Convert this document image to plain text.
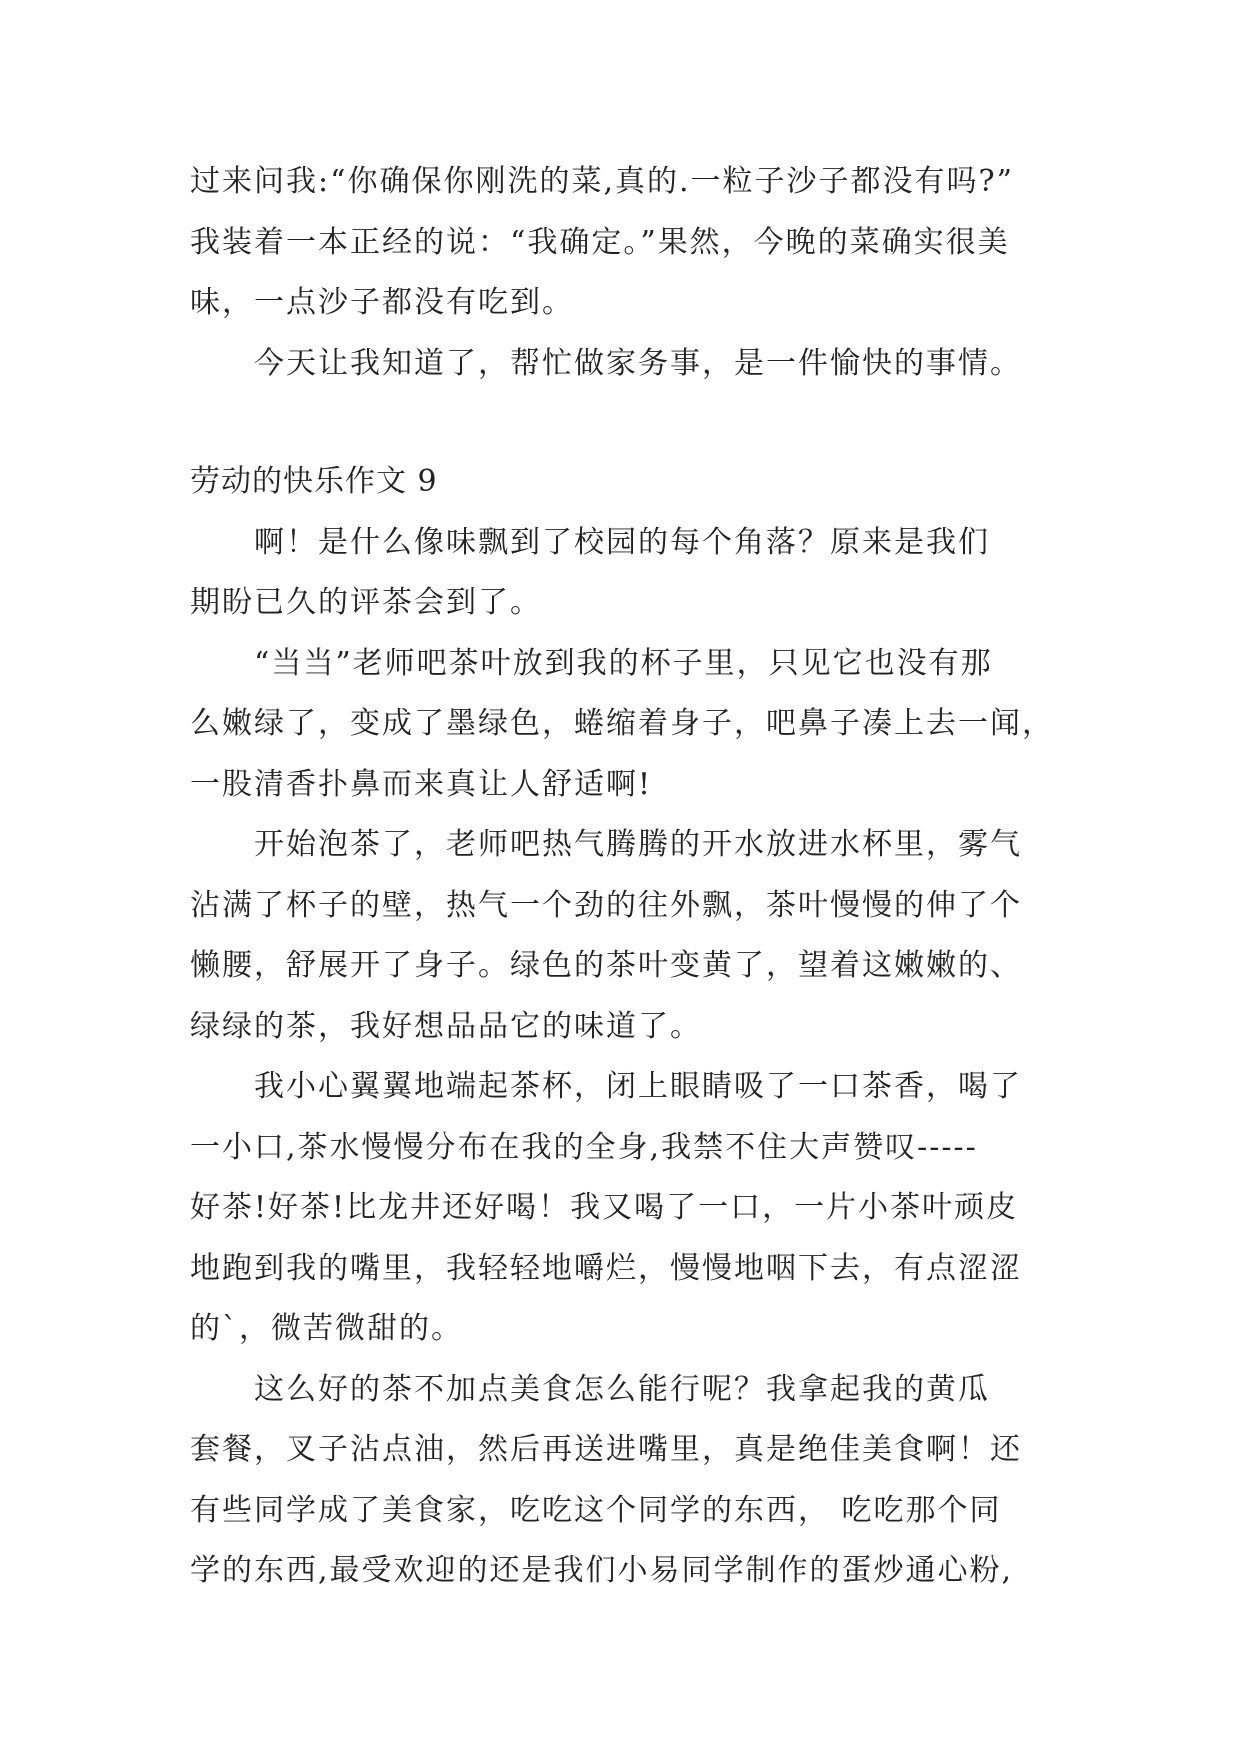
过来问我:“你确保你刚洗的菜,真的.一粒子沙子都没有吗?”
我装着一本正经的说：“我确定。”果然，今晚的菜确实很美
味，一点沙子都没有吃到。
今天让我知道了，帮忙做家务事，是一件愉快的事情。
劳动的快乐作文 9
啊！是什么像味飘到了校园的每个角落？原来是我们
期盼已久的评茶会到了。
“当当”老师吧茶叶放到我的杯子里，只见它也没有那
么嫩绿了，变成了墨绿色，蜷缩着身子，吧鼻子凑上去一闻，
一股清香扑鼻而来真让人舒适啊!
开始泡茶了，老师吧热气腾腾的开水放进水杯里，雾气
沾满了杯子的壁，热气一个劲的往外飘，茶叶慢慢的伸了个
懒腰，舒展开了身子。绿色的茶叶变黄了，望着这嫩嫩的、
绿绿的茶，我好想品品它的味道了。
我小心翼翼地端起茶杯，闭上眼睛吸了一口茶香，喝了
一小口,茶水慢慢分布在我的全身,我禁不住大声赞叹-----
好茶!好茶!比龙井还好喝！我又喝了一口，一片小茶叶顽皮
地跑到我的嘴里，我轻轻地嚼烂，慢慢地咽下去，有点涩涩
的`，微苦微甜的。
这么好的茶不加点美食怎么能行呢？我拿起我的黄瓜
套餐，叉子沾点油，然后再送进嘴里，真是绝佳美食啊！还
有些同学成了美食家，吃吃这个同学的东西， 吃吃那个同
学的东西,最受欢迎的还是我们小易同学制作的蛋炒通心粉,
